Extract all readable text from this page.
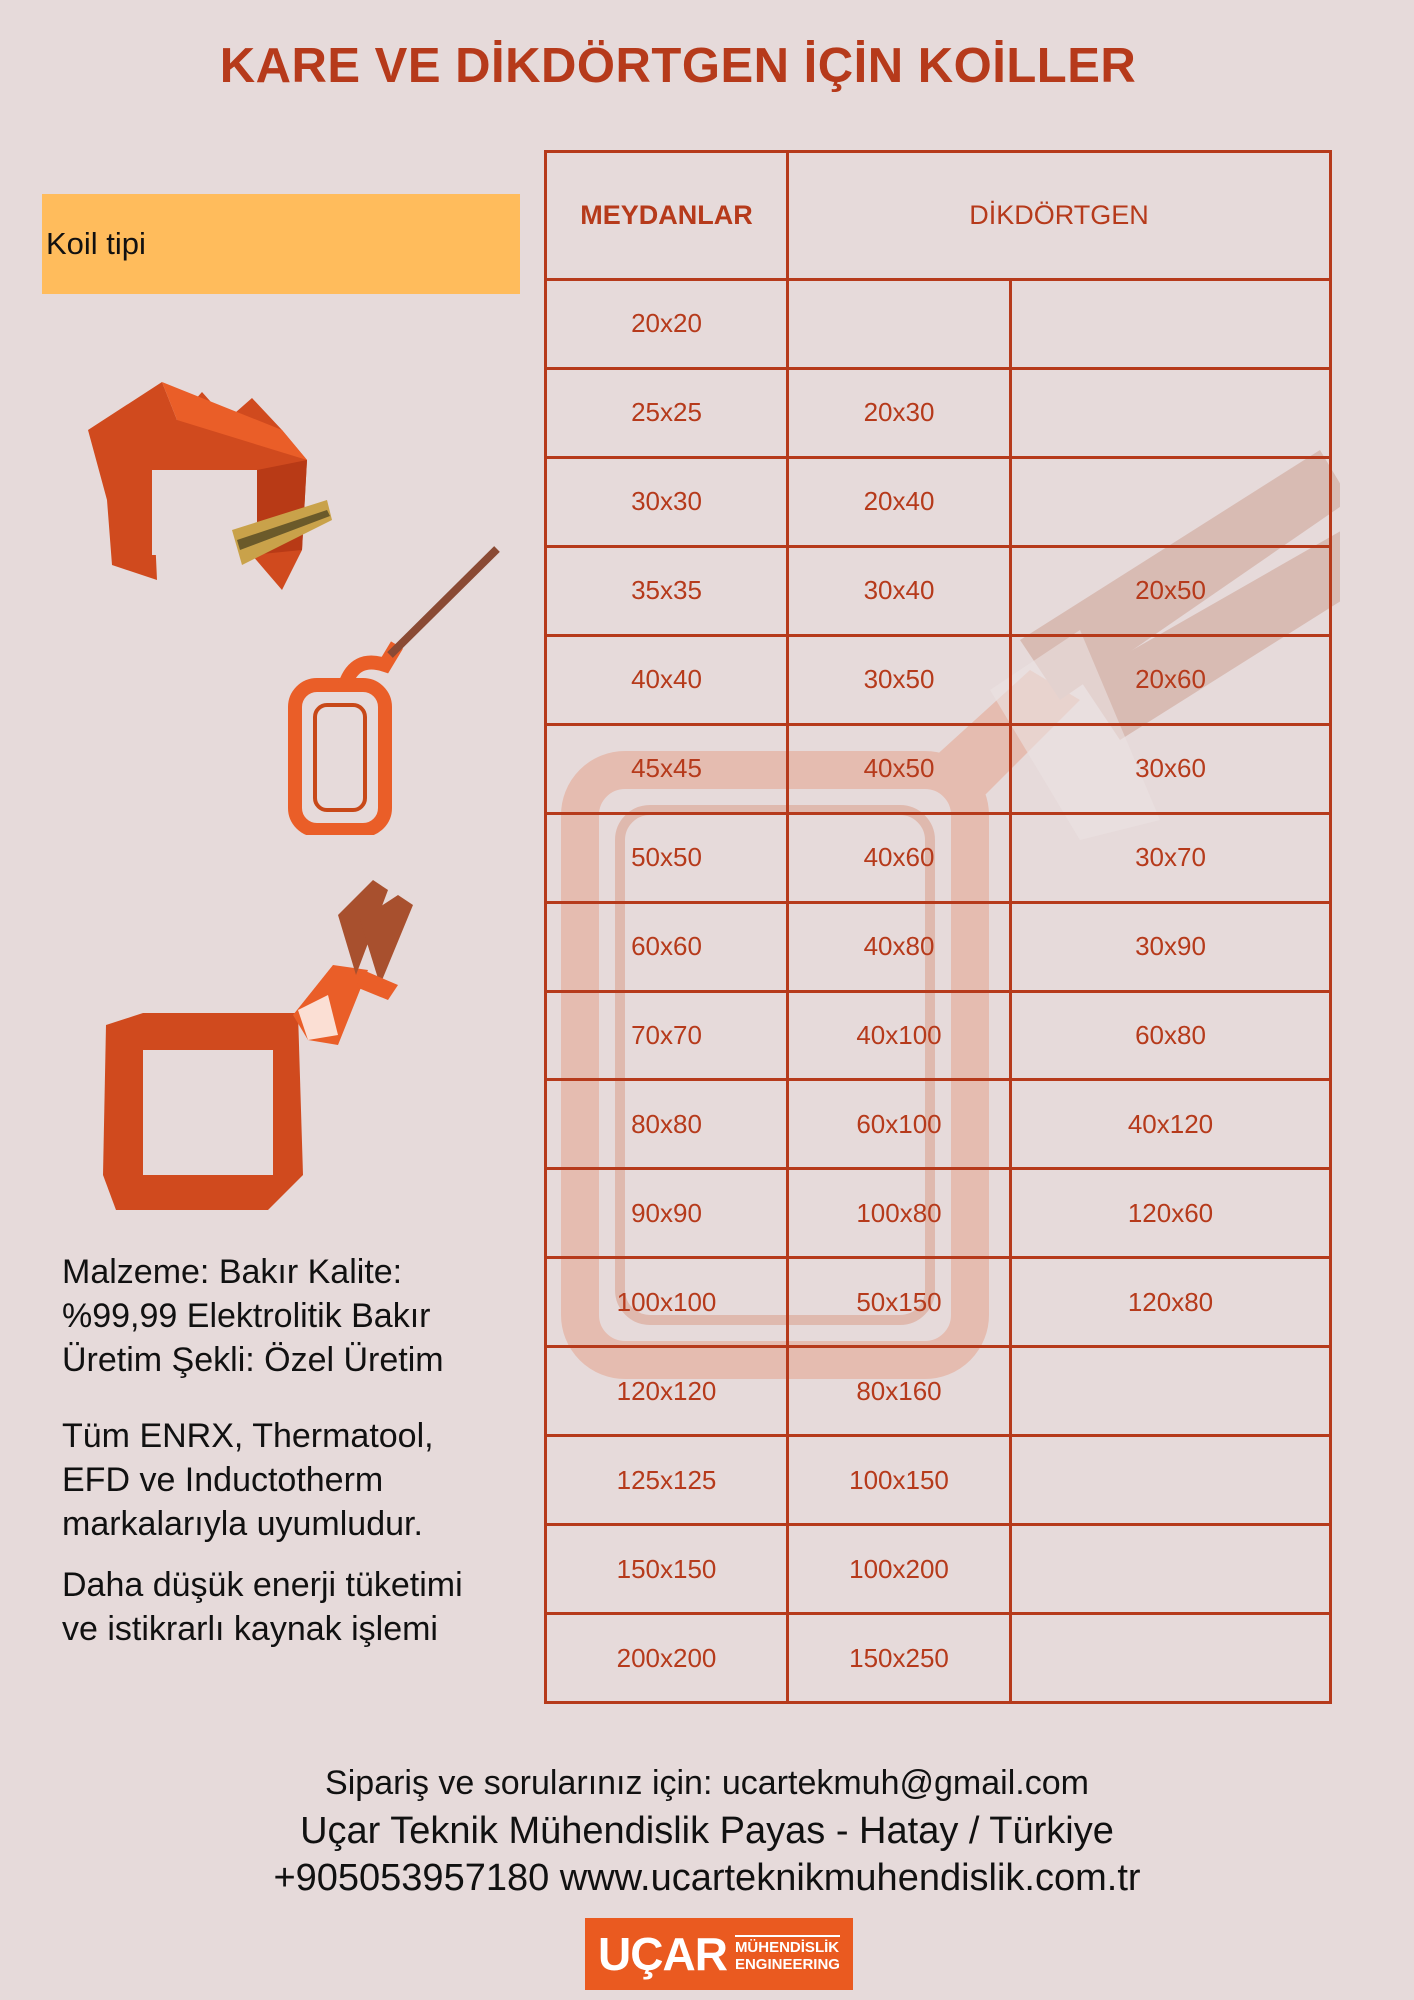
KARE VE DİKDÖRTGEN İÇİN KOİLLER
Koil tipi
MEYDANLAR	DİKDÖRTGEN	
20x20		
25x25	20x30	
30x30	20x40	
35x35	30x40	20x50
40x40	30x50	20x60
45x45	40x50	30x60
50x50	40x60	30x70
60x60	40x80	30x90
70x70	40x100	60x80
80x80	60x100	40x120
90x90	100x80	120x60
100x100	50x150	120x80
120x120	80x160	
125x125	100x150	
150x150	100x200	
200x200	150x250	
Malzeme: Bakır Kalite:
%99,99 Elektrolitik Bakır
Üretim Şekli: Özel Üretim
Tüm ENRX, Thermatool,
EFD ve Inductotherm
markalarıyla uyumludur.
Daha düşük enerji tüketimi
ve istikrarlı kaynak işlemi
Sipariş ve sorularınız için: ucartekmuh@gmail.com
Uçar Teknik Mühendislik Payas - Hatay / Türkiye
+905053957180 www.ucarteknikmuhendislik.com.tr
UÇAR MÜHENDİSLİK
ENGINEERING
